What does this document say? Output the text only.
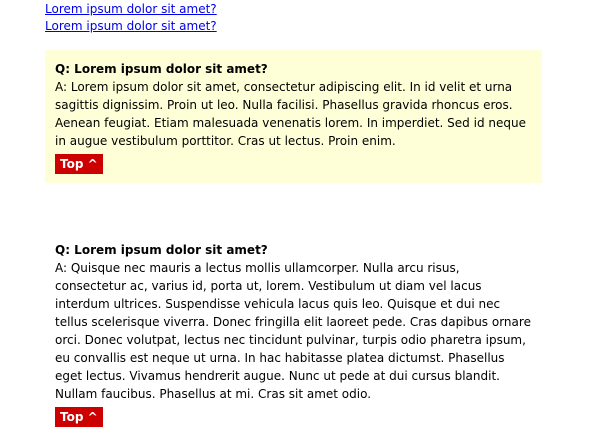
Lorem ipsum dolor sit amet?
Lorem ipsum dolor sit amet?

Q: Lorem ipsum dolor sit amet?

A: Lorem ipsum dolor sit amet, consectetur adipiscing elit. In id velit et urna sagittis dignissim. Proin ut leo. Nulla facilisi. Phasellus gravida rhoncus eros. Aenean feugiat. Etiam malesuada venenatis lorem. In imperdiet. Sed id neque in augue vestibulum porttitor. Cras ut lectus. Proin enim.

Top ^

Q: Lorem ipsum dolor sit amet?

A: Quisque nec mauris a lectus mollis ullamcorper. Nulla arcu risus, consectetur ac, varius id, porta ut, lorem. Vestibulum ut diam vel lacus interdum ultrices. Suspendisse vehicula lacus quis leo. Quisque et dui nec tellus scelerisque viverra. Donec fringilla elit laoreet pede. Cras dapibus ornare orci. Donec volutpat, lectus nec tincidunt pulvinar, turpis odio pharetra ipsum, eu convallis est neque ut urna. In hac habitasse platea dictumst. Phasellus eget lectus. Vivamus hendrerit augue. Nunc ut pede at dui cursus blandit. Nullam faucibus. Phasellus at mi. Cras sit amet odio.

Top ^
